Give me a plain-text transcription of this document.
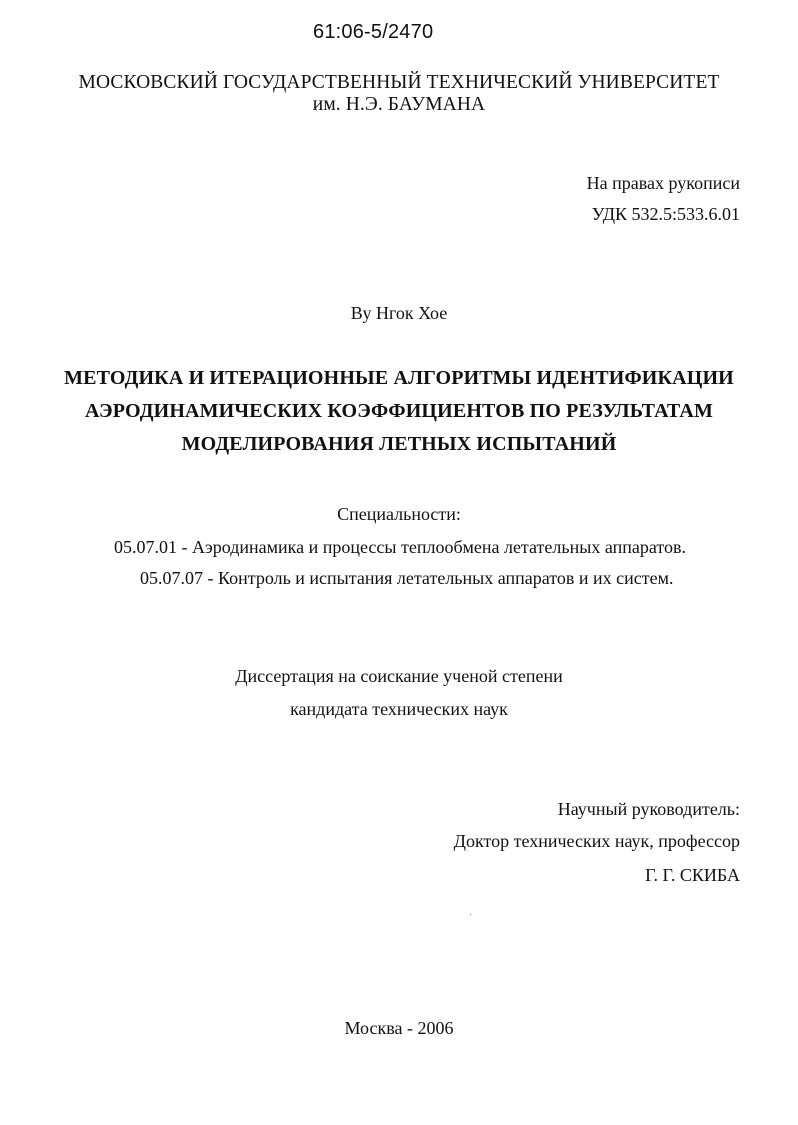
61:06-5/2470
МОСКОВСКИЙ ГОСУДАРСТВЕННЫЙ ТЕХНИЧЕСКИЙ УНИВЕРСИТЕТ
им. Н.Э. БАУМАНА
На правах рукописи
УДК 532.5:533.6.01
Ву Нгок Хое
МЕТОДИКА И ИТЕРАЦИОННЫЕ АЛГОРИТМЫ ИДЕНТИФИКАЦИИ
АЭРОДИНАМИЧЕСКИХ КОЭФФИЦИЕНТОВ ПО РЕЗУЛЬТАТАМ
МОДЕЛИРОВАНИЯ ЛЕТНЫХ ИСПЫТАНИЙ
Специальности:
05.07.01 - Аэродинамика и процессы теплообмена летательных аппаратов.
05.07.07 - Контроль и испытания летательных аппаратов и их систем.
Диссертация на соискание ученой степени
кандидата технических наук
Научный руководитель:
Доктор технических наук, профессор
Г. Г. СКИБА
Москва - 2006
